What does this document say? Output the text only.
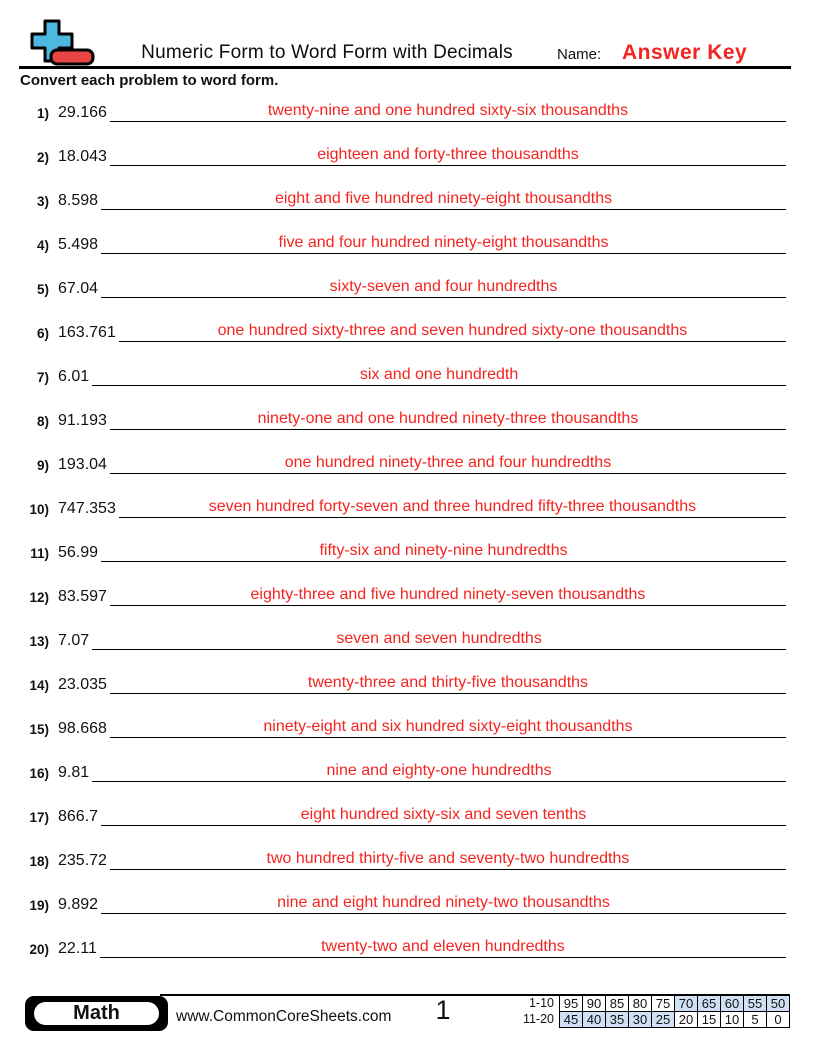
Numeric Form to Word Form with Decimals	Name: Answer Key
Convert each problem to word form.
1) 29.166	twenty-nine and one hundred sixty-six thousandths
2) 18.043	eighteen and forty-three thousandths
3) 8.598	eight and five hundred ninety-eight thousandths
4) 5.498	five and four hundred ninety-eight thousandths
5) 67.04	sixty-seven and four hundredths
6) 163.761	one hundred sixty-three and seven hundred sixty-one thousandths
7) 6.01	six and one hundredth
8) 91.193	ninety-one and one hundred ninety-three thousandths
9) 193.04	one hundred ninety-three and four hundredths
10) 747.353	seven hundred forty-seven and three hundred fifty-three thousandths
11) 56.99	fifty-six and ninety-nine hundredths
12) 83.597	eighty-three and five hundred ninety-seven thousandths
13) 7.07	seven and seven hundredths
14) 23.035	twenty-three and thirty-five thousandths
15) 98.668	ninety-eight and six hundred sixty-eight thousandths
16) 9.81	nine and eighty-one hundredths
17) 866.7	eight hundred sixty-six and seven tenths
18) 235.72	two hundred thirty-five and seventy-two hundredths
19) 9.892	nine and eight hundred ninety-two thousandths
20) 22.11	twenty-two and eleven hundredths
Math	www.CommonCoreSheets.com	1	1-10	95	90	85	80	75	70	65	60	55	50
11-20	45	40	35	30	25	20	15	10	5	0
